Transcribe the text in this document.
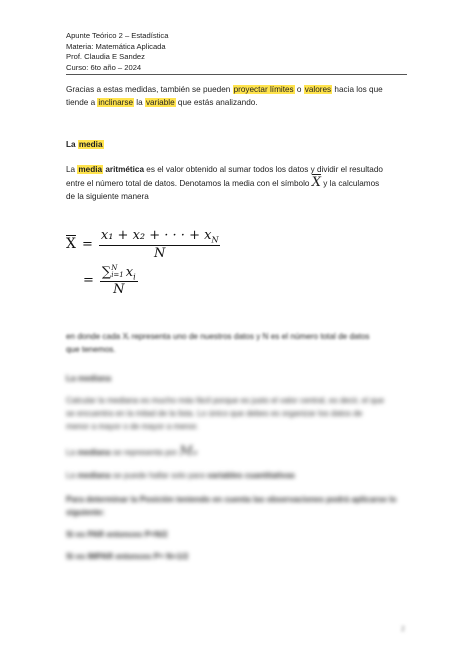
Apunte Teórico 2 – Estadística
Materia: Matemática Aplicada
Prof. Claudia E Sandez
Curso: 6to año – 2024
Gracias a estas medidas, también se pueden proyectar límites o valores hacia los que
tiende a inclinarse la variable que estás analizando.
La media
La media aritmética es el valor obtenido al sumar todos los datos y dividir el resultado
entre el número total de datos. Denotamos la media con el símbolo $\overline{X}$ y la calculamos
de la siguiente manera
$\overline{X} = \frac{x_1 + x_2 + \cdot \cdot \cdot + x_N}{N}$
= ∑ N
i=1 $x_i$
N
en donde cada Xᵢ representa uno de nuestros datos y N es el número total de datos
que tenemos.
La mediana
Calcular la mediana es mucho más fácil porque es justo el valor central, es decir, el que
se encuentra en la mitad de la lista. Lo único que debes es organizar los datos de
menor a mayor o de mayor a menor.
La mediana se representa por Mₑ
La mediana se puede hallar solo para variables cuantitativas
Para determinar la Posición teniendo en cuenta las observaciones podrá aplicarse lo
siguiente:
Si es PAR entonces P=N/2
Si es IMPAR entonces P= N+1/2
2
